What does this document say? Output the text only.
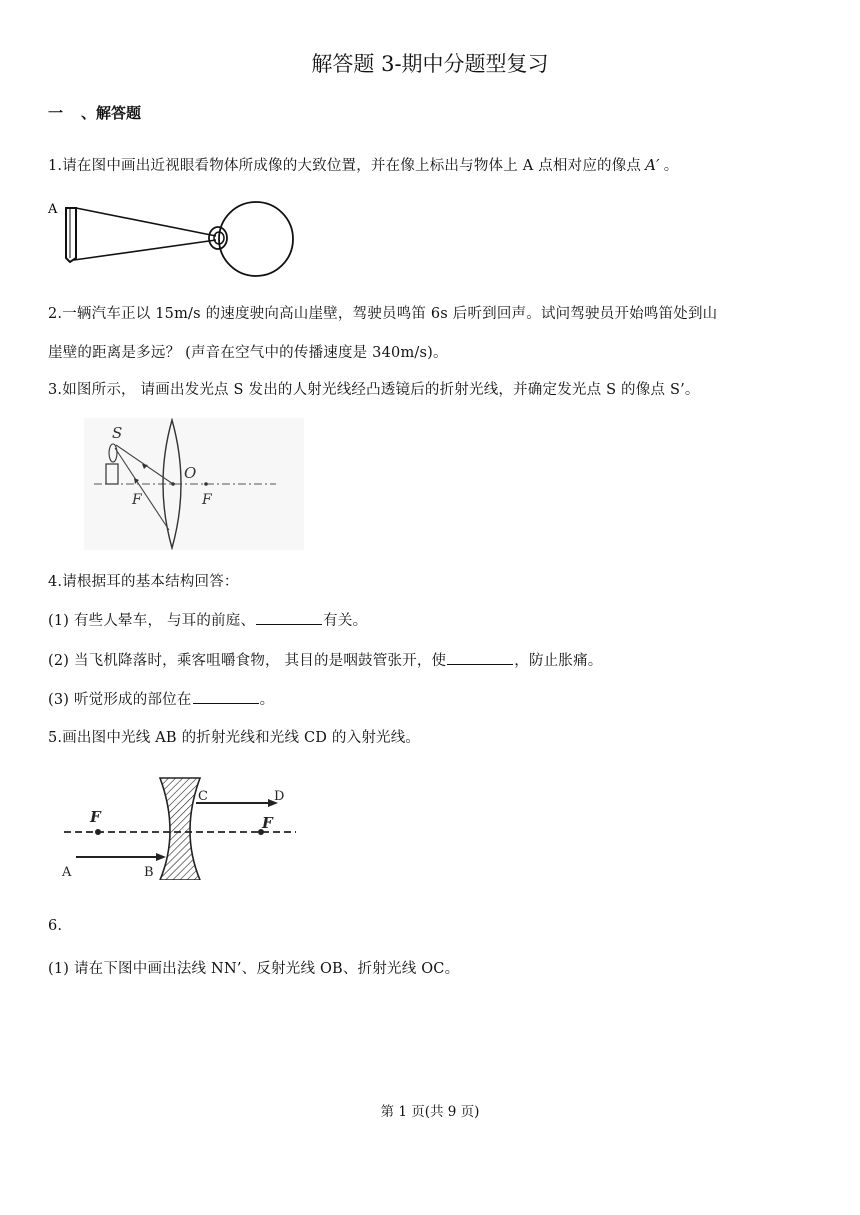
解答题 3-期中分题型复习
一 、解答题
1.请在图中画出近视眼看物体所成像的大致位置，并在像上标出与物体上 A 点相对应的像点 A′ 。
A
2.一辆汽车正以 15m/s 的速度驶向高山崖壁，驾驶员鸣笛 6s 后听到回声。试问驾驶员开始鸣笛处到山
崖壁的距离是多远？ (声音在空气中的传播速度是 340m/s)。
3.如图所示， 请画出发光点 S 发出的人射光线经凸透镜后的折射光线，并确定发光点 S 的像点 S’。
S
O
F	F
4.请根据耳的基本结构回答：
(1) 有些人晕车， 与耳的前庭、	有关。
(2) 当飞机降落时，乘客咀嚼食物， 其目的是咽鼓管张开，使	，防止胀痛。
(3) 听觉形成的部位在	。
5.画出图中光线 AB 的折射光线和光线 CD 的入射光线。
F	F
A	B
C	D
6.
(1) 请在下图中画出法线 NN’、反射光线 OB、折射光线 OC。
第 1 页(共 9 页)
